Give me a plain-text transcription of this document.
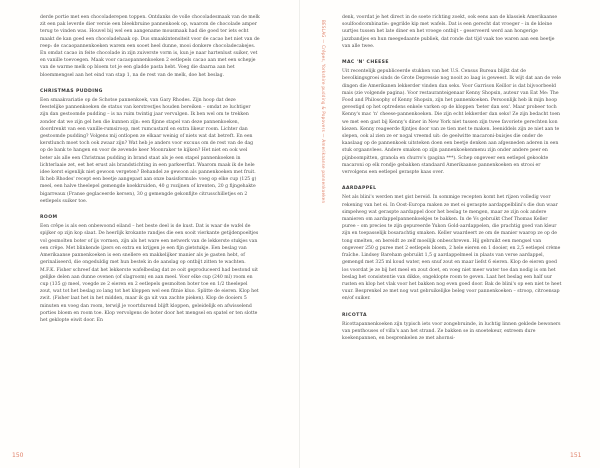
derde portie met een chocoladerepen toppen. Ontdanks de volle chocoladesmaak van de melk zit een pak leverde dier versie een bleekbruine pannenkoek op, waarom de chocolade amper terug te vinden was. Houvel bij wel een aangename mousmaak had die goed ter iets echt maakt de kan goed een chocoladehaak op. Dus smaakintensiteit voor de cacao het niet van de reep: de cacaopannenkoeken warem een sooet heel dunne, mooi donkere chocoladecakejes. En omdat cacao in feite chocolade in zijn zuiverste vorm is, kun je naar hartenlust suiker, vet en vanille toevoegen. Maak voor cacaopannenkoeken 2 eetlepels cacao aan met een schepje van de warme melk op bloem tot je een gladde pasta hebt. Voeg die daarna aan het bloemmengsel aan het eind van stap 1, na de rest van de melk, doe het beslag.

CHRISTMAS PUDDING

Een smaakvariatie op de Schotse pannenkoek, van Gary Rhodes. Zijn hoop dat deze feestelijke pannenkoeken de status van kerstrestjes houden bereiken – omdat ze luchtiger zijn dan gestoomde pudding – is na ruim twintig jaar vervulgen. Ik ben wel om te trekken zonder dat we zijn gel hen die kunnen zijn: een fijnne stapel van deze pannenkoeken, doordrenkt van een vanille-rumsiroop, met rumcustard en extra likeur room. Lichter dan gestoomde pudding? Volgens mij ontlopen ze elkaar weinig of niets wat dat betreft. En een kerstlunch moet toch ook zwaar zijn? Wat heb je anders voor excuus om de rest van de dag op de bank te hangen en voor de zevende keer Moonraker te kijken? Het niet en ook wel beter als alle een Christmas pudding in brand staat als je een stapel pannenkoeken in lichterlaaie zet, eet het erust als brandstichting in een parkeerflat. Waarom maak ik de hele idee kerst eigenlijk niet gewoon vergeten? Behandel ze gewoon als pannenkoeken met fruit. Ik heb Rhodes' recept een beetje aangepast aan onze basisformule: voeg op elke cup (125 g) meel, een halve theelepel gemengde koekkruiden, 40 g rozijnen of krenten, 20 g fijngehakte bigarreaux (Franse geglaceerde kersen), 30 g gemengde gekonfijte citrusschilletjes en 2 eetlepels suiker toe.

ROOM

Een crêpe is als een onbewoond eiland – het beste deel is de kust. Dat is waar de wafel de spijker op zijn kop slaat. De heerlijk krokante randjes die een sooit vierkante getijdenpoeltjes vol gesmolten boter of ijs vormen, zijn als het ware een netwerk van de lekkerste stukjes van een crêpe. Met blinkende ijzers en extra en krijgen je een fijn gietstukje. Een beslag van Amerikaanse pannenkoeken is een snellere en makkelijker manier als je gasten hebt, of gerinaliseerd, die ongeduldig met hun bestek in de aanslag op ontbijt zitten te wachten.

M.F.K. Fisher schreef dat het lekkerste wafelbeslag dat ze ooit geproduceerd had bestond uit gelijke delen aan dunne ovenen (of slagroom) en aan meel. Voor elke cup (240 ml) room en cup (135 g) meel, voegde ze 2 eieren en 2 eetlepels gesmolten boter toe en 1/2 theelepel zout, wat tot het beslag zo lang tot het kloppen wel een fitnie kluo. Splitte de eieren. Klop het zwit. (Fisher laat het in het midden, maar ik ga uit van zachte pieken). Klop de dooiers 5 minuten en voeg dan room, terwijl je voortdurend blijft kloppen, geleidelijk en afwisselend porties bloem en room toe. Klop vervolgens de boter door het mengsel en spatel er ten slotte het geklopte eiwit door. En

150
BESLAG — Crêpes, Yorkshire pudding & Popovers — Amerikaanse pannenkoeken

denk, voordat je het direct in de soete richting zoekt, ook eens aan de klassiek Amerikaanse soulfoodcombinatie: gegrilde kip met wafels. Dat is een gerecht dat vroeger – in de kleine uurtjes tussen het late diner en het vroege ontbijt – geserveerd werd aan hongerige jazzbandjes en hun meegedaante publiek, dat ronde dat tijd vaak toe waren aan een beetje van alle twee.

MAC 'N' CHEESE

Uit recentelijk gepubliceerde stukken van het U.S. Census Bureau blijkt dat de bevolkingsgroei sinds de Grote Depressie nog nooit zo laag is geweest. Ik wijt dat aan de vele dingen die Amerikanen lekkerder vinden dan seks. Voor Garrison Keillor is dat bijvoorbeeld mais (zie volgende pagina). Voor restauranteigenaar Kenny Shopsin, auteur van Eat Me: The Food and Philosophy of Kenny Shopsin, zijn het pannenkoeken. Persoonlijk heb ik mijn hoop gevestigd op het optredens enkele varken op de kloppen 'beter dan sex'. Maar probeer toch Kenny's mac 'n' cheese-pannenkoeken. Die zijn echt lekkerder dan seks! Ze zijn bedacht toen we met een gast bij Kenny's diner in New York niet tussen zijn twee favoriete gerechten kon kiezen. Kenny reageerde fijntjes door van ze tien met te maken. Ieeniddels zijn ze niet aan te slepen, ook al zien ze er nogal vreemd uit: de geelwitte macaroni-buisjes die onder de kaaslaag op de pannenkoek uitsteken doen een beetje denken aan afgesneden aderen in een stuk orgaanvlees. Andere smaken op zijn pannenkoekenmenu zijn onder andere peer en pijnboompitten, granola en churro's (pagina ***). Schep ongeveer een eetlepel gekookte macaroni op elk rondje gebakken standaard Amerikaanse pannenkoeken en strooi er vervolgens een eetlepel geraspte kaas over.

AARDAPPEL

Net als blini's werden met gist bereid. In sommige recepten komt het rijzen volledig voor rekening van het ei. In Oost-Europa maken ze met ei geraspte aardappelblini's die dun waar simpelweg wat geraspte aardappel door het beslag te mengen, maar ze zijn ook andere manieren om aardappelpannenkoekjes te bakken. In de Vs gebruikt Chef Thomas Keller puree – om precies te zijn gepureerde Yukon Gold-aardappelen, die prachtig goed van kleur zijn en toepasselijk bosarachtig smaken. Keller waardeert ze om de manier waarop ze op de tong smelten, en bereidt ze zelf moeilijk onbeschreven. Hij gebruikt een mengsel van ongeveer 250 g puree met 2 eetlepels bloem, 2 hele eieren en 1 dooier, en 2,5 eetlepel crème fraîche. Lindsey Bareham gebruikt 1,5 g aardappelmeel in plaats van verse aardappel, gemengd met 325 ml koud water, een snuf zout en maar liefst 6 eieren. Klop de eieren goed los voordat je ze bij het meel en zout doet, en voeg niet meer water toe dan nodig is om het beslag het consistentie van dikke, ongeklopte room te geven. Laat het beslag een half uur rusten en klop het vlak voor het bakken nog even goed door. Bak de blini's op een niet te heet vuur. Besprenkel ze met nog wat gebruikelijke beleg voor pannenkoeken – stroop, citroensap en/of suiker.

RICOTTA

Ricottapannenkoeken zijn typisch iets voor zongebruinde, in luchtig linnen geklede bewoners van penthouses of villa's aan het strand. Ze bakken se in snoetekeur, extreem dure koekenpannen, en besprenkelen ze met ahornsi-

151
